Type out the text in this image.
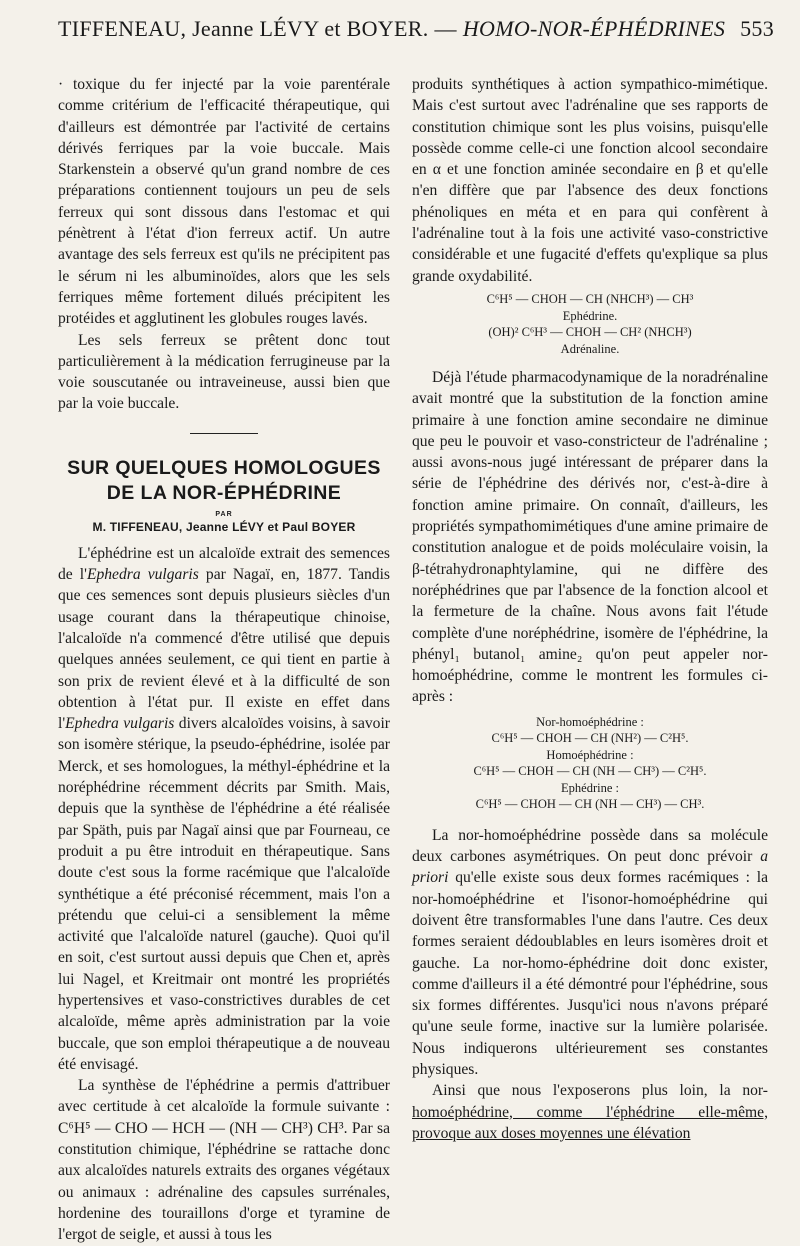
TIFFENEAU, Jeanne LÉVY et BOYER. — HOMO-NOR-ÉPHÉDRINES 553

· toxique du fer injecté par la voie parentérale comme critérium de l'efficacité thérapeutique, qui d'ailleurs est démontrée par l'activité de certains dérivés ferriques par la voie buccale. Mais Starkenstein a observé qu'un grand nombre de ces préparations contiennent toujours un peu de sels ferreux qui sont dissous dans l'estomac et qui pénètrent à l'état d'ion ferreux actif. Un autre avantage des sels ferreux est qu'ils ne précipitent pas le sérum ni les albuminoïdes, alors que les sels ferriques même fortement dilués précipitent les protéides et agglutinent les globules rouges lavés.

Les sels ferreux se prêtent donc tout particulièrement à la médication ferrugineuse par la voie souscutanée ou intraveineuse, aussi bien que par la voie buccale.

SUR QUELQUES HOMOLOGUES
DE LA NOR-ÉPHÉDRINE
PAR
M. TIFFENEAU, Jeanne LÉVY et Paul BOYER

L'éphédrine est un alcaloïde extrait des semences de l'Ephedra vulgaris par Nagaï, en, 1877. Tandis que ces semences sont depuis plusieurs siècles d'un usage courant dans la thérapeutique chinoise, l'alcaloïde n'a commencé d'être utilisé que depuis quelques années seulement, ce qui tient en partie à son prix de revient élevé et à la difficulté de son obtention à l'état pur. Il existe en effet dans l'Ephedra vulgaris divers alcaloïdes voisins, à savoir son isomère stérique, la pseudo-éphédrine, isolée par Merck, et ses homologues, la méthyl-éphédrine et la noréphédrine récemment décrits par Smith. Mais, depuis que la synthèse de l'éphédrine a été réalisée par Späth, puis par Nagaï ainsi que par Fourneau, ce produit a pu être introduit en thérapeutique. Sans doute c'est sous la forme racémique que l'alcaloïde synthétique a été préconisé récemment, mais l'on a prétendu que celui-ci a sensiblement la même activité que l'alcaloïde naturel (gauche). Quoi qu'il en soit, c'est surtout aussi depuis que Chen et, après lui Nagel, et Kreitmair ont montré les propriétés hypertensives et vaso-constrictives durables de cet alcaloïde, même après administration par la voie buccale, que son emploi thérapeutique a de nouveau été envisagé.

La synthèse de l'éphédrine a permis d'attribuer avec certitude à cet alcaloïde la formule suivante : C⁶H⁵ — CHO — HCH — (NH — CH³) CH³. Par sa constitution chimique, l'éphédrine se rattache donc aux alcaloïdes naturels extraits des organes végétaux ou animaux : adrénaline des capsules surrénales, hordenine des touraillons d'orge et tyramine de l'ergot de seigle, et aussi à tous les

produits synthétiques à action sympathico-mimétique. Mais c'est surtout avec l'adrénaline que ses rapports de constitution chimique sont les plus voisins, puisqu'elle possède comme celle-ci une fonction alcool secondaire en α et une fonction aminée secondaire en β et qu'elle n'en diffère que par l'absence des deux fonctions phénoliques en méta et en para qui confèrent à l'adrénaline tout à la fois une activité vaso-constrictive considérable et une fugacité d'effets qu'explique sa plus grande oxydabilité.

C⁶H⁵ — CHOH — CH (NHCH³) — CH³
Ephédrine.
(OH)² C⁶H³ — CHOH — CH² (NHCH³)
Adrénaline.

Déjà l'étude pharmacodynamique de la noradrénaline avait montré que la substitution de la fonction amine primaire à une fonction amine secondaire ne diminue que peu le pouvoir et vaso-constricteur de l'adrénaline ; aussi avons-nous jugé intéressant de préparer dans la série de l'éphédrine des dérivés nor, c'est-à-dire à fonction amine primaire. On connaît, d'ailleurs, les propriétés sympathomimétiques d'une amine primaire de constitution analogue et de poids moléculaire voisin, la β-tétrahydronaphtylamine, qui ne diffère des noréphédrines que par l'absence de la fonction alcool et la fermeture de la chaîne. Nous avons fait l'étude complète d'une noréphédrine, isomère de l'éphédrine, la phényl₁ butanol₁ amine₂ qu'on peut appeler nor-homoéphédrine, comme le montrent les formules ci-après :

Nor-homoéphédrine :
C⁶H⁵ — CHOH — CH (NH²) — C²H⁵.
Homoéphédrine :
C⁶H⁵ — CHOH — CH (NH — CH³) — C²H⁵.
Ephédrine :
C⁶H⁵ — CHOH — CH (NH — CH³) — CH³.

La nor-homoéphédrine possède dans sa molécule deux carbones asymétriques. On peut donc prévoir a priori qu'elle existe sous deux formes racémiques : la nor-homoéphédrine et l'isonor-homoéphédrine qui doivent être transformables l'une dans l'autre. Ces deux formes seraient dédoublables en leurs isomères droit et gauche. La nor-homo-éphédrine doit donc exister, comme d'ailleurs il a été démontré pour l'éphédrine, sous six formes différentes. Jusqu'ici nous n'avons préparé qu'une seule forme, inactive sur la lumière polarisée. Nous indiquerons ultérieurement ses constantes physiques.

Ainsi que nous l'exposerons plus loin, la nor-homoéphédrine, comme l'éphédrine elle-même, provoque aux doses moyennes une élévation
